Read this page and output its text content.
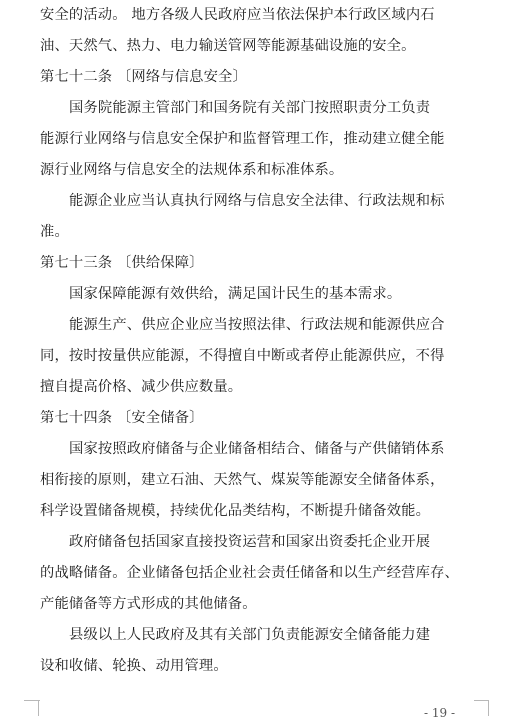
安全的活动。 地方各级人民政府应当依法保护本行政区域内石
油、天然气、热力、电力输送管网等能源基础设施的安全。
第七十二条 〔网络与信息安全〕
国务院能源主管部门和国务院有关部门按照职责分工负责
能源行业网络与信息安全保护和监督管理工作，推动建立健全能
源行业网络与信息安全的法规体系和标准体系。
能源企业应当认真执行网络与信息安全法律、行政法规和标
准。
第七十三条 〔供给保障〕
国家保障能源有效供给，满足国计民生的基本需求。
能源生产、供应企业应当按照法律、行政法规和能源供应合
同，按时按量供应能源，不得擅自中断或者停止能源供应，不得
擅自提高价格、减少供应数量。
第七十四条 〔安全储备〕
国家按照政府储备与企业储备相结合、储备与产供储销体系
相衔接的原则，建立石油、天然气、煤炭等能源安全储备体系，
科学设置储备规模，持续优化品类结构，不断提升储备效能。
政府储备包括国家直接投资运营和国家出资委托企业开展
的战略储备。企业储备包括企业社会责任储备和以生产经营库存、
产能储备等方式形成的其他储备。
县级以上人民政府及其有关部门负责能源安全储备能力建
设和收储、轮换、动用管理。
- 19 -
